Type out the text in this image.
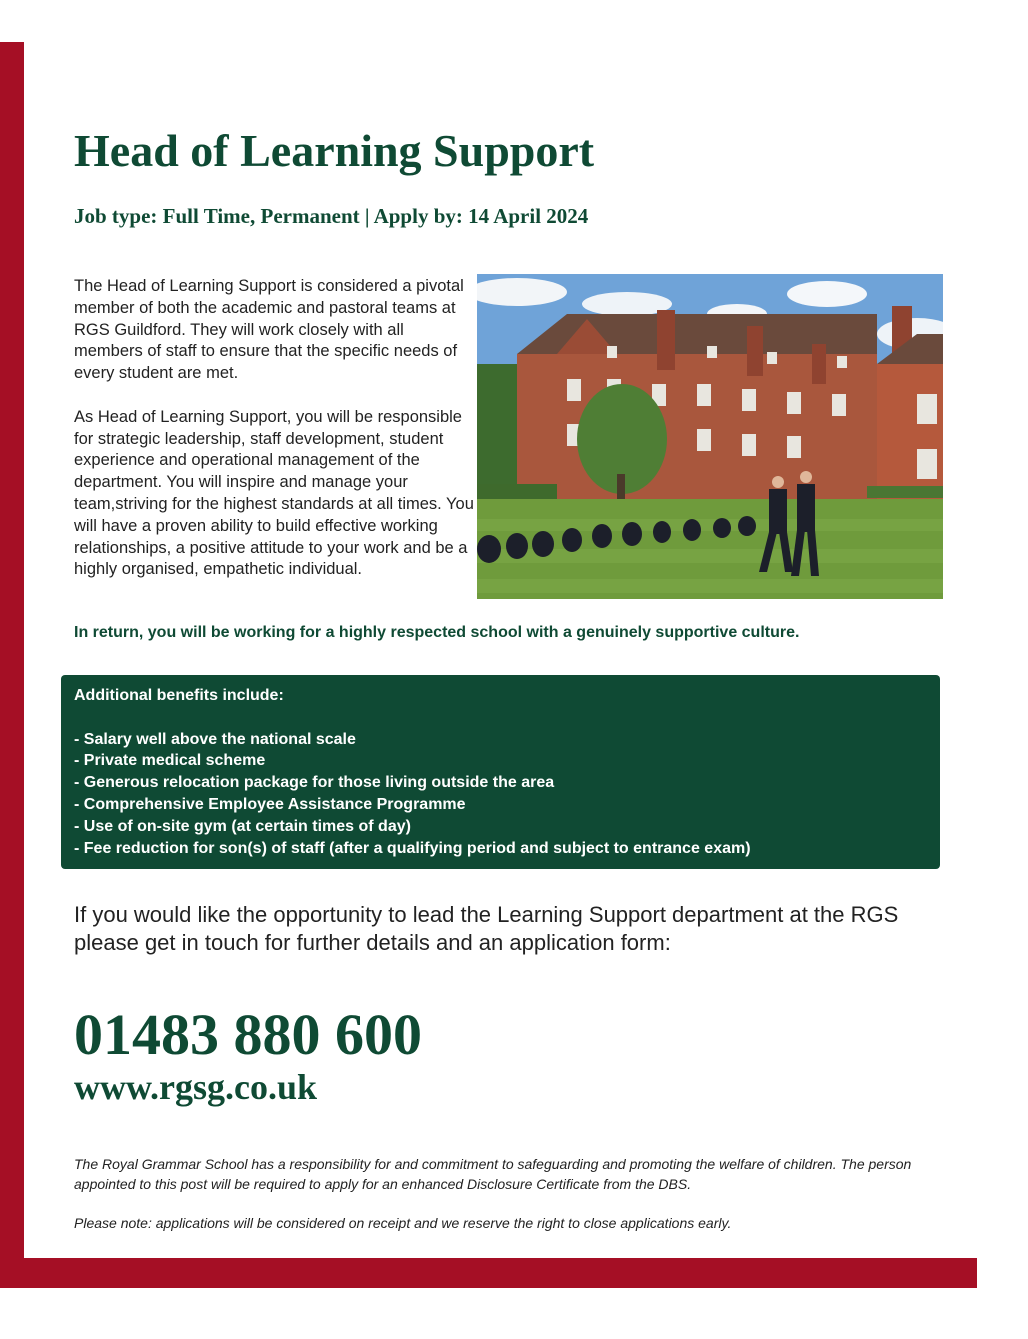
Head of Learning Support
Job type: Full Time, Permanent | Apply by: 14 April 2024

The Head of Learning Support is considered a pivotal member of both the academic and pastoral teams at RGS Guildford. They will work closely with all members of staff to ensure that the specific needs of every student are met.

As Head of Learning Support, you will be responsible for strategic leadership, staff development, student experience and operational management of the department. You will inspire and manage your team,striving for the highest standards at all times. You will have a proven ability to build effective working relationships, a positive attitude to your work and be a highly organised, empathetic individual.

In return, you will be working for a highly respected school with a genuinely supportive culture.

Additional benefits include:

- Salary well above the national scale
- Private medical scheme
- Generous relocation package for those living outside the area
- Comprehensive Employee Assistance Programme
- Use of on-site gym (at certain times of day)
- Fee reduction for son(s) of staff (after a qualifying period and subject to entrance exam)

If you would like the opportunity to lead the Learning Support department at the RGS please get in touch for further details and an application form:

01483 880 600

www.rgsg.co.uk

The Royal Grammar School has a responsibility for and commitment to safeguarding and promoting the welfare of children. The person appointed to this post will be required to apply for an enhanced Disclosure Certificate from the DBS.

Please note: applications will be considered on receipt and we reserve the right to close applications early.
